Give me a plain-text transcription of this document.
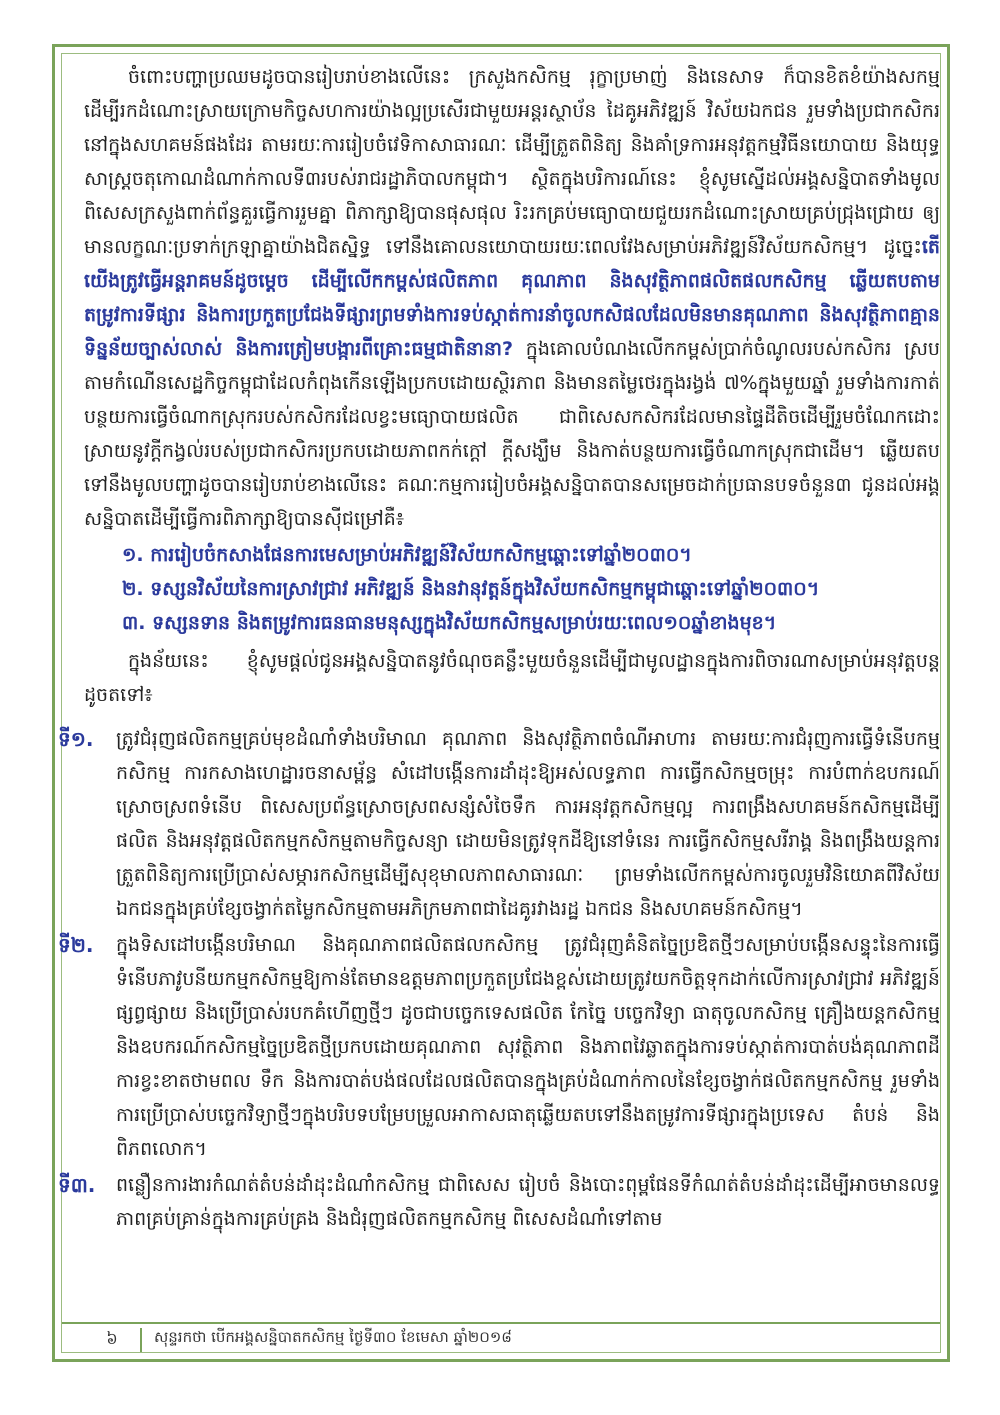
ចំពោះបញ្ហាប្រឈមដូចបានរៀបរាប់ខាងលើនេះ ក្រសួងកសិកម្ម រុក្ខាប្រមាញ់ និងនេសាទ ក៏បានខិតខំយ៉ាងសកម្មដើម្បីរកដំណោះស្រាយក្រោមកិច្ចសហការយ៉ាងល្អប្រសើរជាមួយអន្តរស្ថាប័ន ដៃគូអភិវឌ្ឍន៍ វិស័យឯកជន រួមទាំងប្រជាកសិករនៅក្នុងសហគមន៍ផងដែរ តាមរយៈការរៀបចំវេទិកាសាធារណៈ ដើម្បីត្រួតពិនិត្យ និងគាំទ្រការអនុវត្តកម្មវិធីនយោបាយ និងយុទ្ធសាស្ត្រចតុកោណដំណាក់កាលទី៣របស់រាជរដ្ឋាភិបាលកម្ពុជា។ ស្ថិតក្នុងបរិការណ៍នេះ ខ្ញុំសូមស្នើដល់អង្គសន្និបាតទាំងមូល ពិសេសក្រសួងពាក់ព័ន្ធគួរធ្វើការរួមគ្នា ពិភាក្សាឱ្យបានផុសផុល រិះរកគ្រប់មធ្យោបាយជួយរកដំណោះស្រាយគ្រប់ជ្រុងជ្រោយ ឲ្យមានលក្ខណៈប្រទាក់ក្រឡាគ្នាយ៉ាងជិតស្និទ្ធ ទៅនឹងគោលនយោបាយរយៈពេលវែងសម្រាប់អភិវឌ្ឍន៍វិស័យកសិកម្ម។ ដូច្នេះតើយើងត្រូវធ្វើអន្តរាគមន៍ដូចម្តេច ដើម្បីលើកកម្ពស់ផលិតភាព គុណភាព និងសុវត្ថិភាពផលិតផលកសិកម្ម ឆ្លើយតបតាមតម្រូវការទីផ្សារ និងការប្រកួតប្រជែងទីផ្សារព្រមទាំងការទប់ស្កាត់ការនាំចូលកសិផលដែលមិនមានគុណភាព និងសុវត្ថិភាពគ្មានទិន្នន័យច្បាស់លាស់ និងការត្រៀមបង្ការពីគ្រោះធម្មជាតិនានា? ក្នុងគោលបំណងលើកកម្ពស់ប្រាក់ចំណូលរបស់កសិករ ស្របតាមកំណើនសេដ្ឋកិច្ចកម្ពុជាដែលកំពុងកើនឡើងប្រកបដោយស្ថិរភាព និងមានតម្លៃថេរក្នុងរង្វង់ ៧%ក្នុងមួយឆ្នាំ រួមទាំងការកាត់បន្ថយការធ្វើចំណាកស្រុករបស់កសិករដែលខ្វះមធ្យោបាយផលិត ជាពិសេសកសិករដែលមានផ្ទៃដីតិចដើម្បីរួមចំណែកដោះស្រាយនូវក្តីកង្វល់របស់ប្រជាកសិករប្រកបដោយភាពកក់ក្តៅ ក្តីសង្ឃឹម និងកាត់បន្ថយការធ្វើចំណាកស្រុកជាដើម។ ឆ្លើយតបទៅនឹងមូលបញ្ហាដូចបានរៀបរាប់ខាងលើនេះ គណៈកម្មការរៀបចំអង្គសន្និបាតបានសម្រេចដាក់ប្រធានបទចំនួន៣ ជូនដល់អង្គសន្និបាតដើម្បីធ្វើការពិភាក្សាឱ្យបានស៊ីជម្រៅគឺ៖

១. ការរៀបចំកសាងផែនការមេសម្រាប់អភិវឌ្ឍន៍វិស័យកសិកម្មឆ្ពោះទៅឆ្នាំ២០៣០។
២. ទស្សនវិស័យនៃការស្រាវជ្រាវ អភិវឌ្ឍន៍ និងនវានុវត្តន៍ក្នុងវិស័យកសិកម្មកម្ពុជាឆ្ពោះទៅឆ្នាំ២០៣០។
៣. ទស្សនទាន និងតម្រូវការធនធានមនុស្សក្នុងវិស័យកសិកម្មសម្រាប់រយៈពេល១០ឆ្នាំខាងមុខ។

ក្នុងន័យនេះ ខ្ញុំសូមផ្តល់ជូនអង្គសន្និបាតនូវចំណុចគន្លឹះមួយចំនួនដើម្បីជាមូលដ្ឋានក្នុងការពិចារណាសម្រាប់អនុវត្តបន្តដូចតទៅ៖

ទី១.	ត្រូវជំរុញផលិតកម្មគ្រប់មុខដំណាំទាំងបរិមាណ គុណភាព និងសុវត្ថិភាពចំណីអាហារ តាមរយៈការជំរុញការធ្វើទំនើបកម្មកសិកម្ម ការកសាងហេដ្ឋារចនាសម្ព័ន្ធ សំដៅបង្កើនការដាំដុះឱ្យអស់លទ្ធភាព ការធ្វើកសិកម្មចម្រុះ ការបំពាក់ឧបករណ៍ស្រោចស្រពទំនើប ពិសេសប្រព័ន្ធស្រោចស្រពសន្សំសំចៃទឹក ការអនុវត្តកសិកម្មល្អ ការពង្រឹងសហគមន៍កសិកម្មដើម្បីផលិត និងអនុវត្តផលិតកម្មកសិកម្មតាមកិច្ចសន្យា ដោយមិនត្រូវទុកដីឱ្យនៅទំនេរ ការធ្វើកសិកម្មសរីរាង្គ និងពង្រឹងយន្តការត្រួតពិនិត្យការប្រើប្រាស់សម្ភារកសិកម្មដើម្បីសុខុមាលភាពសាធារណៈ ព្រមទាំងលើកកម្ពស់ការចូលរួមវិនិយោគពីវិស័យឯកជនក្នុងគ្រប់ខ្សែចង្វាក់តម្លៃកសិកម្មតាមអភិក្រមភាពជាដៃគូរវាងរដ្ឋ ឯកជន និងសហគមន៍កសិកម្ម។
ទី២.	ក្នុងទិសដៅបង្កើនបរិមាណ និងគុណភាពផលិតផលកសិកម្ម ត្រូវជំរុញគំនិតច្នៃប្រឌិតថ្មីៗសម្រាប់បង្កើនសន្ទុះនៃការធ្វើទំនើបភាវូបនីយកម្មកសិកម្មឱ្យកាន់តែមានឧត្តមភាពប្រកួតប្រជែងខ្ពស់ដោយត្រូវយកចិត្តទុកដាក់លើការស្រាវជ្រាវ អភិវឌ្ឍន៍ ផ្សព្វផ្សាយ និងប្រើប្រាស់របកគំហើញថ្មីៗ ដូចជាបច្ចេកទេសផលិត កែច្នៃ បច្ចេកវិទ្យា ធាតុចូលកសិកម្ម គ្រឿងយន្តកសិកម្ម និងឧបករណ៍កសិកម្មច្នៃប្រឌិតថ្មីប្រកបដោយគុណភាព សុវត្ថិភាព និងភាពវៃឆ្លាតក្នុងការទប់ស្កាត់ការបាត់បង់គុណភាពដី ការខ្វះខាតថាមពល ទឹក និងការបាត់បង់ផលដែលផលិតបានក្នុងគ្រប់ដំណាក់កាលនៃខ្សែចង្វាក់ផលិតកម្មកសិកម្ម រួមទាំងការប្រើប្រាស់បច្ចេកវិទ្យាថ្មីៗក្នុងបរិបទបម្រែបម្រួលអាកាសធាតុឆ្លើយតបទៅនឹងតម្រូវការទីផ្សារក្នុងប្រទេស តំបន់ និងពិភពលោក។
ទី៣.	ពន្លឿនការងារកំណត់តំបន់ដាំដុះដំណាំកសិកម្ម ជាពិសេស រៀបចំ និងបោះពុម្ពផែនទីកំណត់តំបន់ដាំដុះដើម្បីអាចមានលទ្ធភាពគ្រប់គ្រាន់ក្នុងការគ្រប់គ្រង និងជំរុញផលិតកម្មកសិកម្ម ពិសេសដំណាំទៅតាម
៦	សុន្ទរកថា បើកអង្គសន្និបាតកសិកម្ម ថ្ងៃទី៣០ ខែមេសា ឆ្នាំ២០១៨
